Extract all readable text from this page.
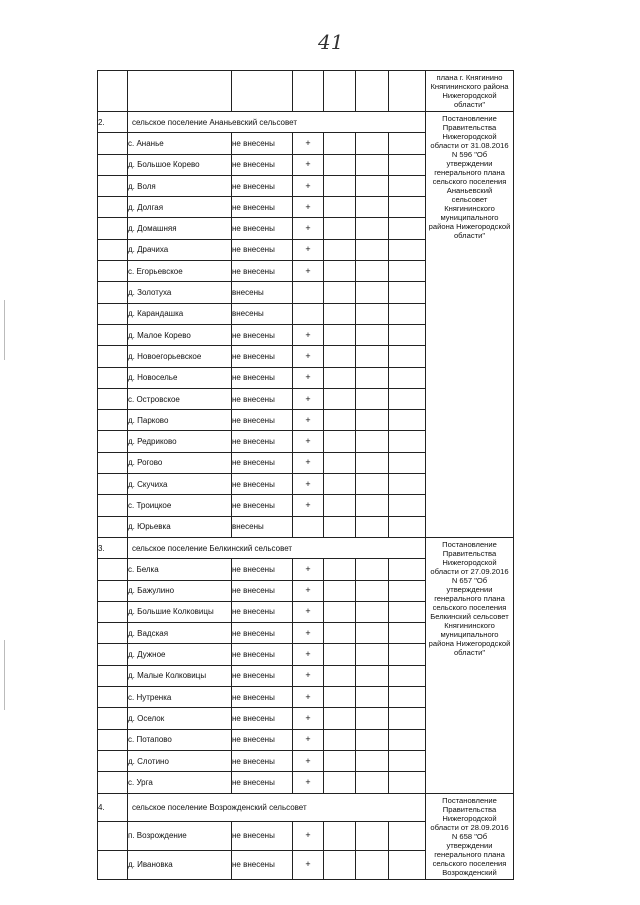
41
							плана г. Княгинино Княгининского района Нижегородской области"
2.	сельское поселение Ананьевский сельсовет						Постановление Правительства Нижегородской области от 31.08.2016 N 596 "Об утверждении генерального плана сельского поселения Ананьевский сельсовет Княгининского муниципального района Нижегородской области"
	с. Ананье	не внесены	+				
	д. Большое Корево	не внесены	+				
	д. Воля	не внесены	+				
	д. Долгая	не внесены	+				
	д. Домашняя	не внесены	+				
	д. Драчиха	не внесены	+				
	с. Егорьевское	не внесены	+				
	д. Золотуха	внесены					
	д. Карандашка	внесены					
	д. Малое Корево	не внесены	+				
	д. Новоегорьевское	не внесены	+				
	д. Новоселье	не внесены	+				
	с. Островское	не внесены	+				
	д. Парково	не внесены	+				
	д. Редриково	не внесены	+				
	д. Рогово	не внесены	+				
	д. Скучиха	не внесены	+				
	с. Троицкое	не внесены	+				
	д. Юрьевка	внесены					
3.	сельское поселение Белкинский сельсовет						Постановление Правительства Нижегородской области от 27.09.2016 N 657 "Об утверждении генерального плана сельского поселения Белкинский сельсовет Княгининского муниципального района Нижегородской области"
	с. Белка	не внесены	+				
	д. Бажулино	не внесены	+				
	д. Большие Колковицы	не внесены	+				
	д. Вадская	не внесены	+				
	д. Дужное	не внесены	+				
	д. Малые Колковицы	не внесены	+				
	с. Нутренка	не внесены	+				
	д. Оселок	не внесены	+				
	с. Потапово	не внесены	+				
	д. Слотино	не внесены	+				
	с. Урга	не внесены	+				
4.	сельское поселение Возрожденский сельсовет						Постановление Правительства Нижегородской области от 28.09.2016 N 658 "Об утверждении генерального плана сельского поселения Возрожденский
	п. Возрождение	не внесены	+				
	д. Ивановка	не внесены	+				
